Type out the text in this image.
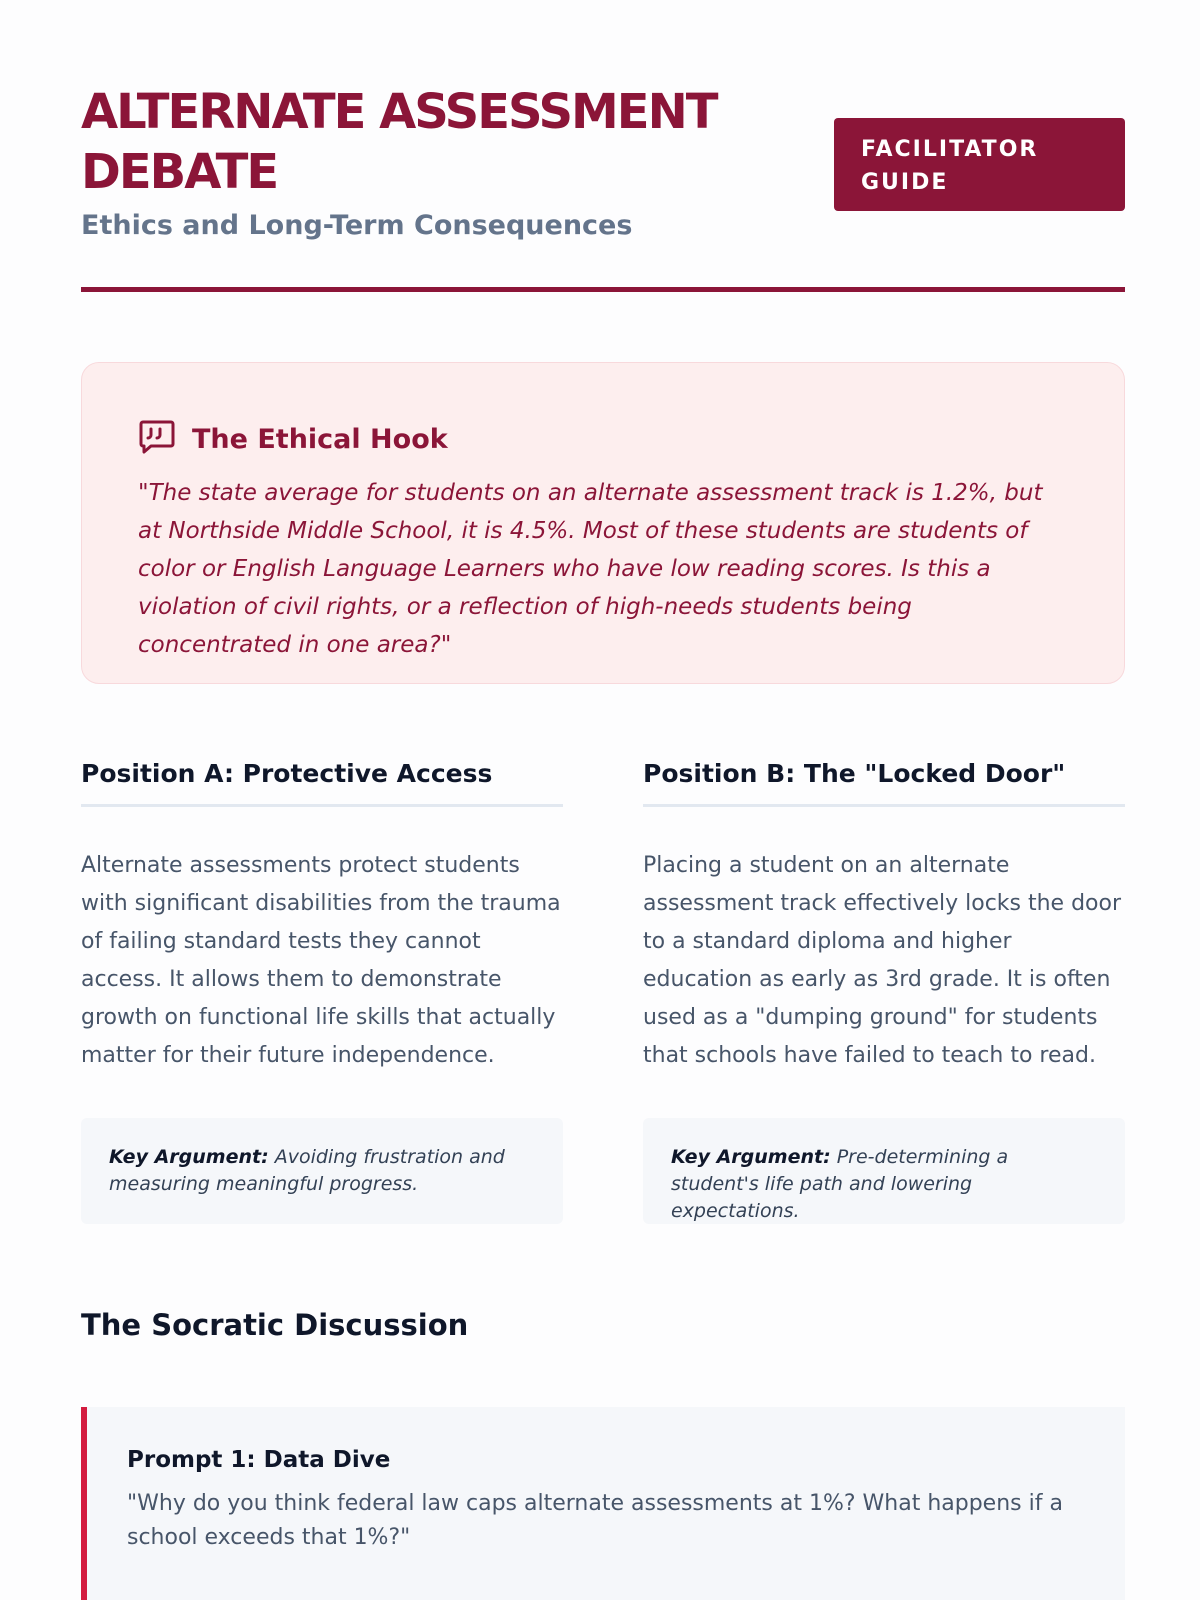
ALTERNATE ASSESSMENT DEBATE
Ethics and Long-Term Consequences
FACILITATOR GUIDE
The Ethical Hook

"The state average for students on an alternate assessment track is 1.2%, but at Northside Middle School, it is 4.5%. Most of these students are students of color or English Language Learners who have low reading scores. Is this a violation of civil rights, or a reflection of high-needs students being concentrated in one area?"

Position A: Protective Access

Alternate assessments protect students with significant disabilities from the trauma of failing standard tests they cannot access. It allows them to demonstrate growth on functional life skills that actually matter for their future independence.

Key Argument: Avoiding frustration and measuring meaningful progress.
Position B: The "Locked Door"

Placing a student on an alternate assessment track effectively locks the door to a standard diploma and higher education as early as 3rd grade. It is often used as a "dumping ground" for students that schools have failed to teach to read.

Key Argument: Pre-determining a student's life path and lowering expectations.
The Socratic Discussion
Prompt 1: Data Dive

"Why do you think federal law caps alternate assessments at 1%? What happens if a school exceeds that 1%?"
